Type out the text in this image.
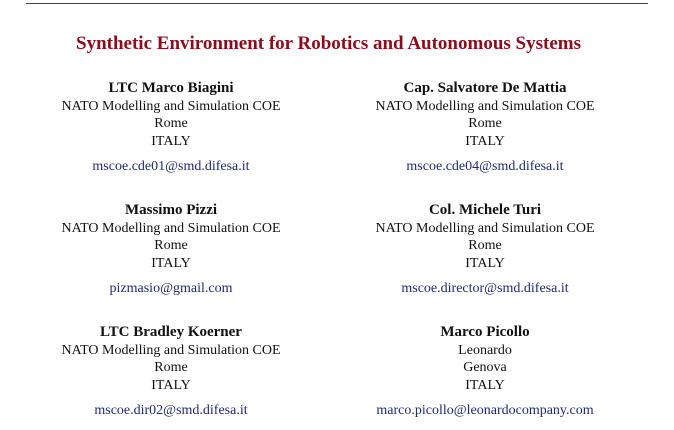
Synthetic Environment for Robotics and Autonomous Systems
LTC Marco Biagini
NATO Modelling and Simulation COE
Rome
ITALY
mscoe.cde01@smd.difesa.it
Cap. Salvatore De Mattia
NATO Modelling and Simulation COE
Rome
ITALY
mscoe.cde04@smd.difesa.it
Massimo Pizzi
NATO Modelling and Simulation COE
Rome
ITALY
pizmasio@gmail.com
Col. Michele Turi
NATO Modelling and Simulation COE
Rome
ITALY
mscoe.director@smd.difesa.it
LTC Bradley Koerner
NATO Modelling and Simulation COE
Rome
ITALY
mscoe.dir02@smd.difesa.it
Marco Picollo
Leonardo
Genova
ITALY
marco.picollo@leonardocompany.com
